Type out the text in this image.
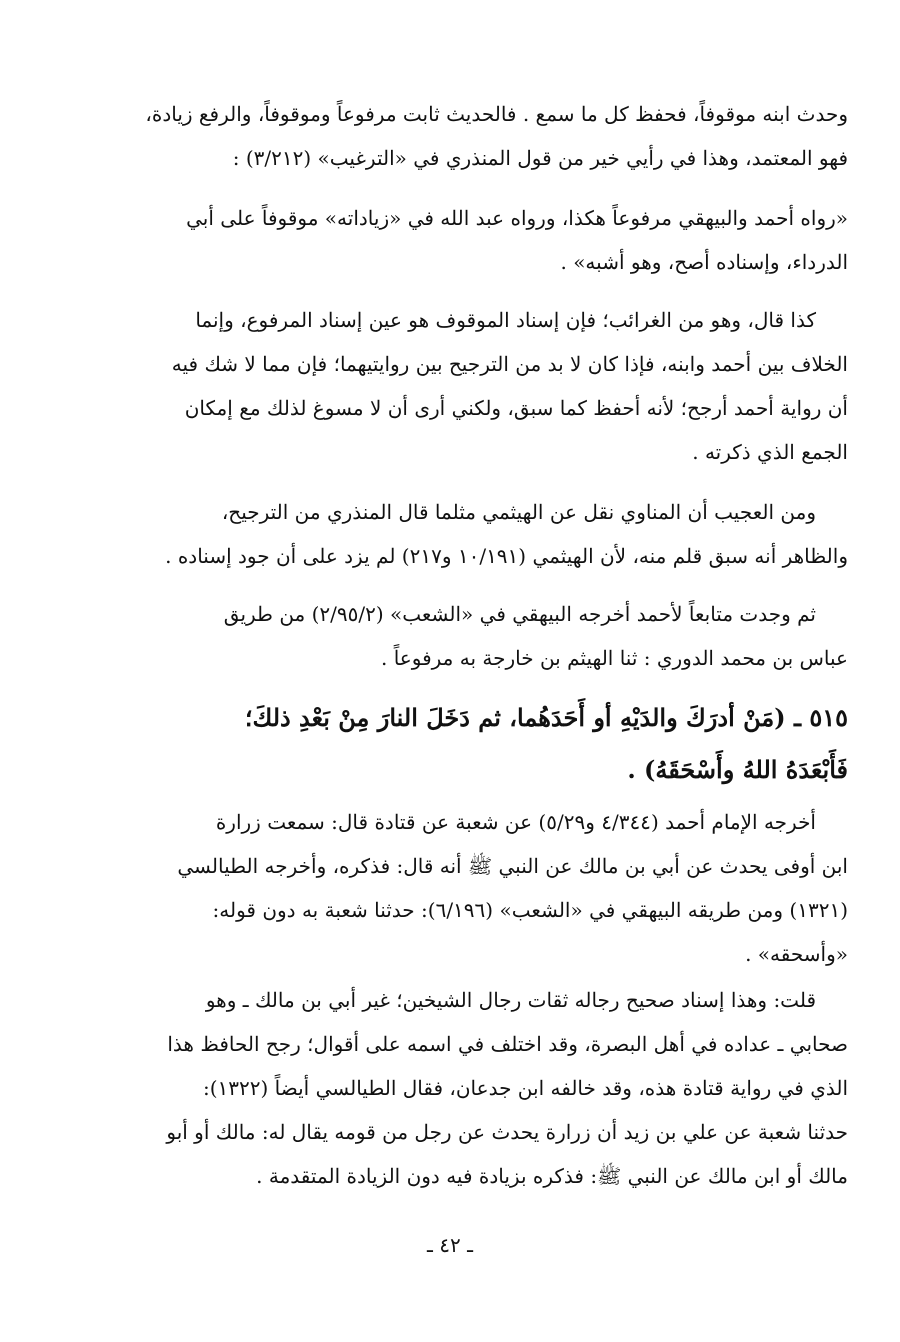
وحدث ابنه موقوفاً، فحفظ كل ما سمع . فالحديث ثابت مرفوعاً وموقوفاً، والرفع زيادة،
فهو المعتمد، وهذا في رأيي خير من قول المنذري في «الترغيب» (٣/٢١٢) :
«رواه أحمد والبيهقي مرفوعاً هكذا، ورواه عبد الله في «زياداته» موقوفاً على أبي
الدرداء، وإسناده أصح، وهو أشبه» .
كذا قال، وهو من الغرائب؛ فإن إسناد الموقوف هو عين إسناد المرفوع، وإنما
الخلاف بين أحمد وابنه، فإذا كان لا بد من الترجيح بين روايتيهما؛ فإن مما لا شك فيه
أن رواية أحمد أرجح؛ لأنه أحفظ كما سبق، ولكني أرى أن لا مسوغ لذلك مع إمكان
الجمع الذي ذكرته .
ومن العجيب أن المناوي نقل عن الهيثمي مثلما قال المنذري من الترجيح،
والظاهر أنه سبق قلم منه، لأن الهيثمي (١٠/١٩١ و٢١٧) لم يزد على أن جود إسناده .
ثم وجدت متابعاً لأحمد أخرجه البيهقي في «الشعب» (٢/٩٥/٢) من طريق
عباس بن محمد الدوري : ثنا الهيثم بن خارجة به مرفوعاً .
٥١٥ ـ (مَنْ أدرَكَ والدَيْهِ أو أَحَدَهُما، ثم دَخَلَ النارَ مِنْ بَعْدِ ذلكَ؛
فَأَبْعَدَهُ اللهُ وأَسْحَقَهُ) .
أخرجه الإمام أحمد (٤/٣٤٤ و٥/٢٩) عن شعبة عن قتادة قال: سمعت زرارة
ابن أوفى يحدث عن أبي بن مالك عن النبي ﷺ أنه قال: فذكره، وأخرجه الطيالسي
(١٣٢١) ومن طريقه البيهقي في «الشعب» (٦/١٩٦): حدثنا شعبة به دون قوله:
«وأسحقه» .
قلت: وهذا إسناد صحيح رجاله ثقات رجال الشيخين؛ غير أبي بن مالك ـ وهو
صحابي ـ عداده في أهل البصرة، وقد اختلف في اسمه على أقوال؛ رجح الحافظ هذا
الذي في رواية قتادة هذه، وقد خالفه ابن جدعان، فقال الطيالسي أيضاً (١٣٢٢):
حدثنا شعبة عن علي بن زيد أن زرارة يحدث عن رجل من قومه يقال له: مالك أو أبو
مالك أو ابن مالك عن النبي ﷺ: فذكره بزيادة فيه دون الزيادة المتقدمة .
ـ ٤٢ ـ
